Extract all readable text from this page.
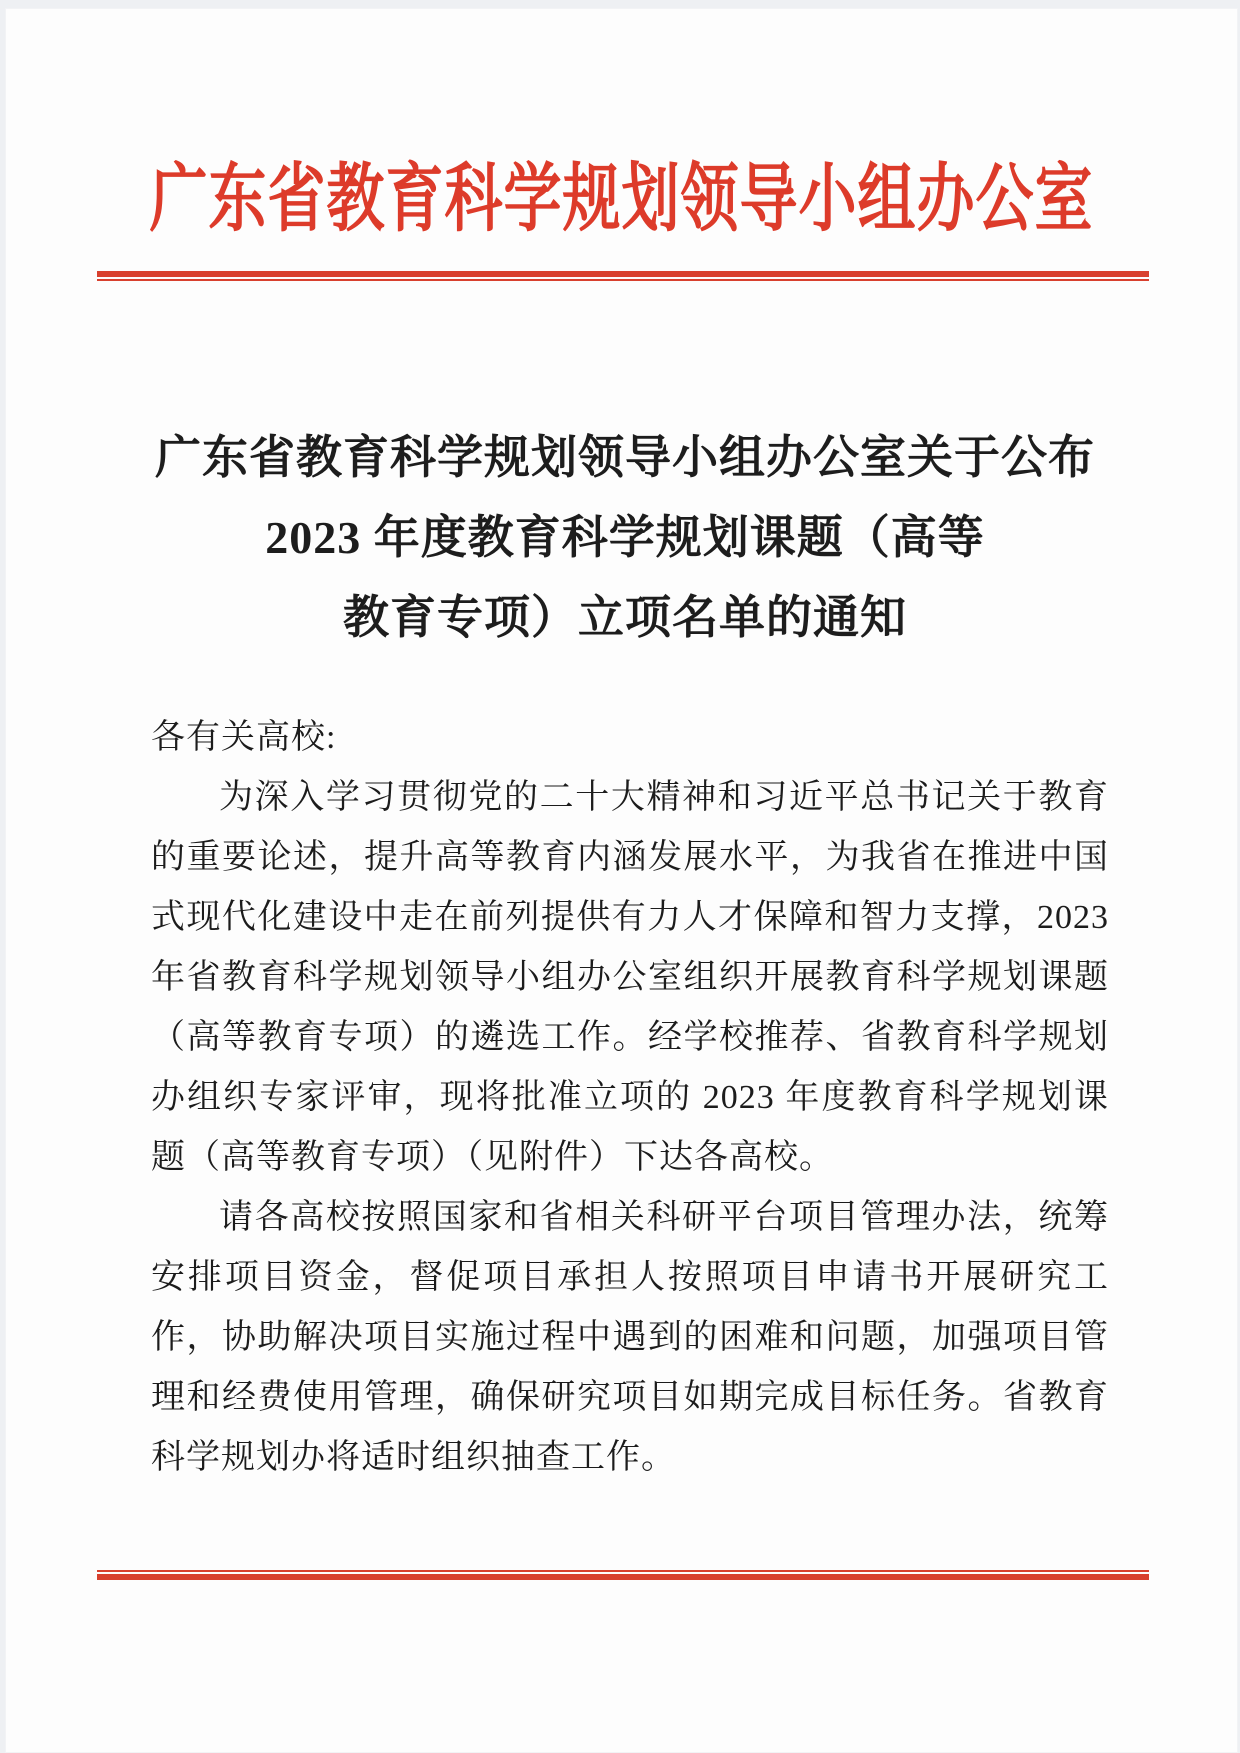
广东省教育科学规划领导小组办公室
广东省教育科学规划领导小组办公室关于公布
2023 年度教育科学规划课题（高等
教育专项）立项名单的通知
各有关高校:

为深入学习贯彻党的二十大精神和习近平总书记关于教育的重要论述，提升高等教育内涵发展水平，为我省在推进中国式现代化建设中走在前列提供有力人才保障和智力支撑，2023 年省教育科学规划领导小组办公室组织开展教育科学规划课题（高等教育专项）的遴选工作。经学校推荐、省教育科学规划办组织专家评审，现将批准立项的 2023 年度教育科学规划课题（高等教育专项）（见附件）下达各高校。

请各高校按照国家和省相关科研平台项目管理办法，统筹安排项目资金，督促项目承担人按照项目申请书开展研究工作，协助解决项目实施过程中遇到的困难和问题，加强项目管理和经费使用管理，确保研究项目如期完成目标任务。省教育科学规划办将适时组织抽查工作。
